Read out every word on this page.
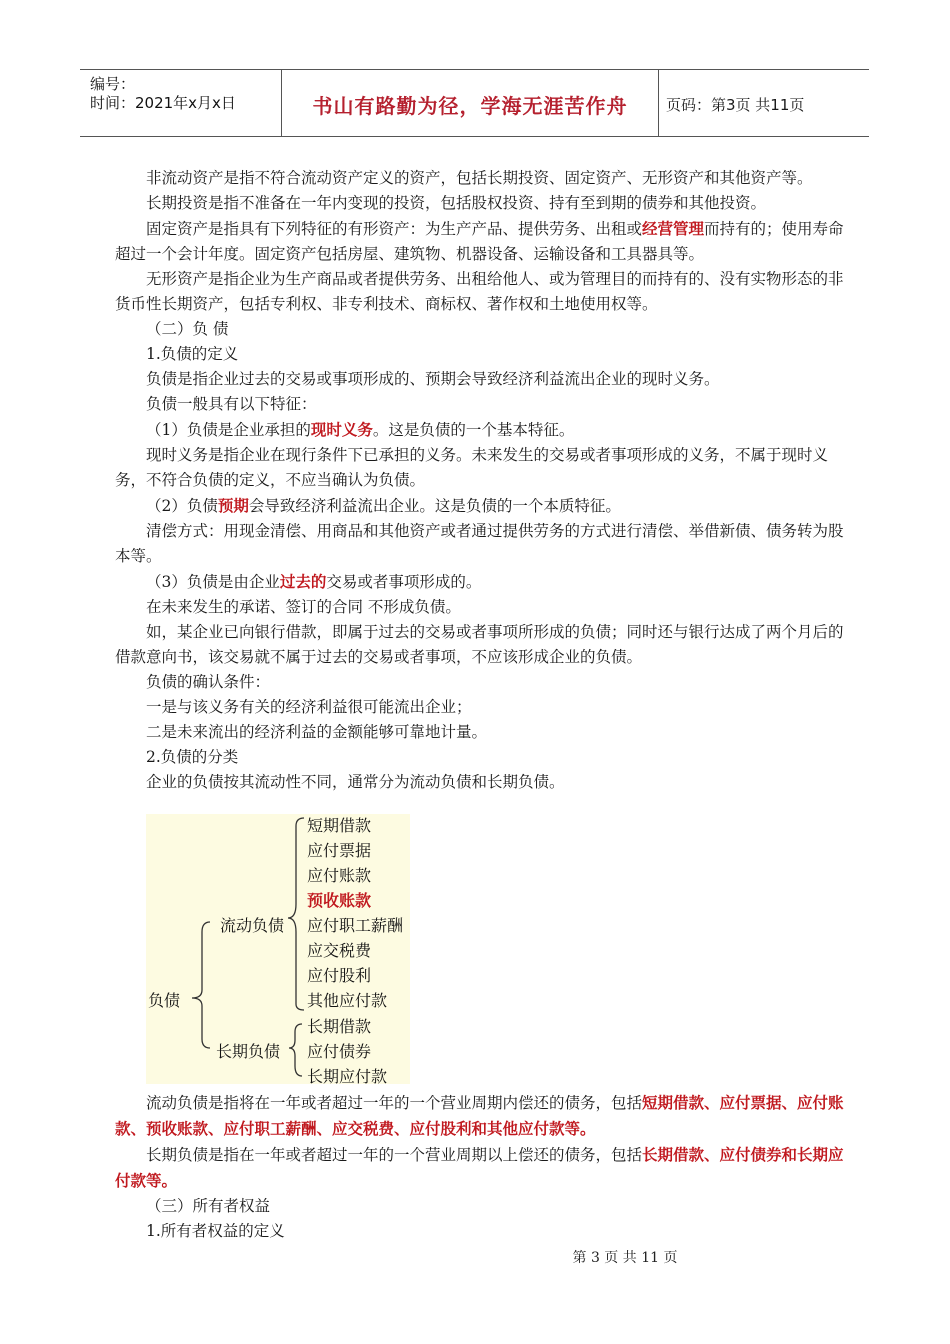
编号：
时间：2021年x月x日	书山有路勤为径，学海无涯苦作舟	页码：第3页 共11页

非流动资产是指不符合流动资产定义的资产，包括长期投资、固定资产、无形资产和其他资产等。

长期投资是指不准备在一年内变现的投资，包括股权投资、持有至到期的债券和其他投资。

固定资产是指具有下列特征的有形资产：为生产产品、提供劳务、出租或经营管理而持有的；使用寿命超过一个会计年度。固定资产包括房屋、建筑物、机器设备、运输设备和工具器具等。

无形资产是指企业为生产商品或者提供劳务、出租给他人、或为管理目的而持有的、没有实物形态的非货币性长期资产，包括专利权、非专利技术、商标权、著作权和土地使用权等。

（二）负 债

1.负债的定义

负债是指企业过去的交易或事项形成的、预期会导致经济利益流出企业的现时义务。

负债一般具有以下特征：

（1）负债是企业承担的现时义务。这是负债的一个基本特征。

现时义务是指企业在现行条件下已承担的义务。未来发生的交易或者事项形成的义务，不属于现时义务，不符合负债的定义，不应当确认为负债。

（2）负债预期会导致经济利益流出企业。这是负债的一个本质特征。

清偿方式：用现金清偿、用商品和其他资产或者通过提供劳务的方式进行清偿、举借新债、债务转为股本等。

（3）负债是由企业过去的交易或者事项形成的。

在未来发生的承诺、签订的合同 不形成负债。

如，某企业已向银行借款，即属于过去的交易或者事项所形成的负债；同时还与银行达成了两个月后的借款意向书，该交易就不属于过去的交易或者事项，不应该形成企业的负债。

负债的确认条件：

一是与该义务有关的经济利益很可能流出企业；

二是未来流出的经济利益的金额能够可靠地计量。

2.负债的分类

企业的负债按其流动性不同，通常分为流动负债和长期负债。

负债
流动负债
长期负债
短期借款
应付票据
应付账款
预收账款
应付职工薪酬
应交税费
应付股利
其他应付款
长期借款
应付债券
长期应付款

流动负债是指将在一年或者超过一年的一个营业周期内偿还的债务，包括短期借款、应付票据、应付账款、预收账款、应付职工薪酬、应交税费、应付股利和其他应付款等。

长期负债是指在一年或者超过一年的一个营业周期以上偿还的债务，包括长期借款、应付债券和长期应付款等。

（三）所有者权益

1.所有者权益的定义

第 3 页 共 11 页
